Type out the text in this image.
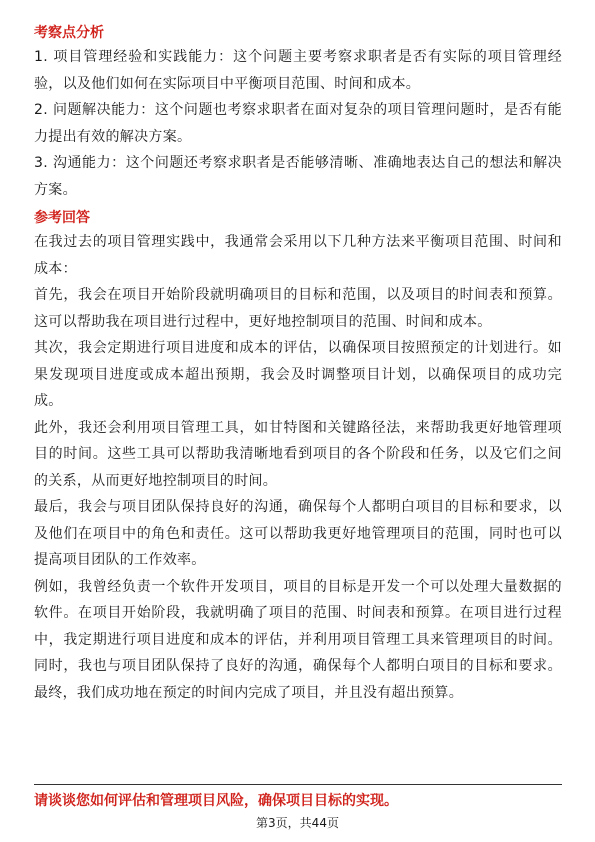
考察点分析

1. 项目管理经验和实践能力：这个问题主要考察求职者是否有实际的项目管理经验，以及他们如何在实际项目中平衡项目范围、时间和成本。

2. 问题解决能力：这个问题也考察求职者在面对复杂的项目管理问题时，是否有能力提出有效的解决方案。

3. 沟通能力：这个问题还考察求职者是否能够清晰、准确地表达自己的想法和解决方案。

参考回答

在我过去的项目管理实践中，我通常会采用以下几种方法来平衡项目范围、时间和成本：

首先，我会在项目开始阶段就明确项目的目标和范围，以及项目的时间表和预算。这可以帮助我在项目进行过程中，更好地控制项目的范围、时间和成本。

其次，我会定期进行项目进度和成本的评估，以确保项目按照预定的计划进行。如果发现项目进度或成本超出预期，我会及时调整项目计划，以确保项目的成功完成。

此外，我还会利用项目管理工具，如甘特图和关键路径法，来帮助我更好地管理项目的时间。这些工具可以帮助我清晰地看到项目的各个阶段和任务，以及它们之间的关系，从而更好地控制项目的时间。

最后，我会与项目团队保持良好的沟通，确保每个人都明白项目的目标和要求，以及他们在项目中的角色和责任。这可以帮助我更好地管理项目的范围，同时也可以提高项目团队的工作效率。

例如，我曾经负责一个软件开发项目，项目的目标是开发一个可以处理大量数据的软件。在项目开始阶段，我就明确了项目的范围、时间表和预算。在项目进行过程中，我定期进行项目进度和成本的评估，并利用项目管理工具来管理项目的时间。同时，我也与项目团队保持了良好的沟通，确保每个人都明白项目的目标和要求。最终，我们成功地在预定的时间内完成了项目，并且没有超出预算。

请谈谈您如何评估和管理项目风险，确保项目目标的实现。

第3页，共44页
